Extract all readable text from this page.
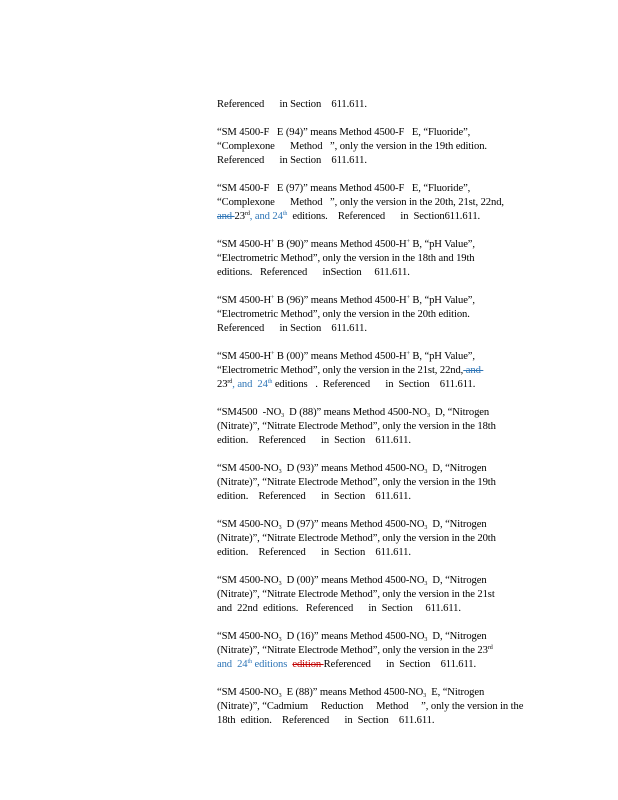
Referenced      in Section    611.611.
“SM 4500-F   E (94)” means Method 4500-F   E, “Fluoride”,
“Complexone      Method   ”, only the version in the 19th edition.
Referenced      in Section    611.611.
“SM 4500-F   E (97)” means Method 4500-F   E, “Fluoride”,
“Complexone      Method   ”, only the version in the 20th, 21st, 22nd,
and 23rd, and 24th  editions.    Referenced      in  Section611.611.
“SM 4500-H+ B (90)” means Method 4500-H+ B, “pH Value”,
“Electrometric Method”, only the version in the 18th and 19th
editions.   Referenced      inSection     611.611.
“SM 4500-H+ B (96)” means Method 4500-H+ B, “pH Value”,
“Electrometric Method”, only the version in the 20th edition.
Referenced      in Section    611.611.
“SM 4500-H+ B (00)” means Method 4500-H+ B, “pH Value”,
“Electrometric Method”, only the version in the 21st, 22nd, and
23rd, and  24th editions   .  Referenced      in  Section    611.611.
“SM4500  $-NO_3$  D (88)” means Method $4500-NO_3$  D, “Nitrogen
(Nitrate)”, “Nitrate Electrode Method”, only the version in the 18th
edition.    Referenced      in  Section    611.611.
“SM $4500-NO_3$  D (93)” means Method $4500-NO_3$  D, “Nitrogen
(Nitrate)”, “Nitrate Electrode Method”, only the version in the 19th
edition.    Referenced      in  Section    611.611.
“SM $4500-NO_3$  D (97)” means Method $4500-NO_3$  D, “Nitrogen
(Nitrate)”, “Nitrate Electrode Method”, only the version in the 20th
edition.    Referenced      in  Section    611.611.
“SM $4500-NO_3$  D (00)” means Method $4500-NO_3$  D, “Nitrogen
(Nitrate)”, “Nitrate Electrode Method”, only the version in the 21st
and  22nd  editions.   Referenced      in  Section     611.611.
“SM $4500-NO_3$  D (16)” means Method $4500-NO_3$  D, “Nitrogen
(Nitrate)”, “Nitrate Electrode Method”, only the version in the 23rd
and  24th editions  edition Referenced      in  Section    611.611.
“SM $4500-NO_3$  E (88)” means Method $4500-NO_3$  E, “Nitrogen
(Nitrate)”, “Cadmium     Reduction     Method     ”, only the version in the
18th  edition.    Referenced      in  Section    611.611.
